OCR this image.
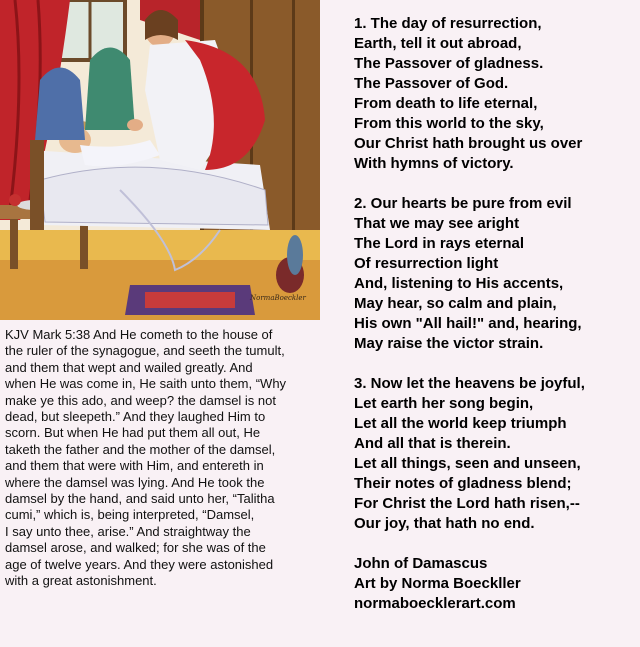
NormaBoeckler
KJV Mark 5:38 And He cometh to the house of
the ruler of the synagogue, and seeth the tumult,
and them that wept and wailed greatly. And
when He was come in, He saith unto them, “Why
make ye this ado, and weep? the damsel is not
dead, but sleepeth.” And they laughed Him to
scorn. But when He had put them all out, He
taketh the father and the mother of the damsel,
and them that were with Him, and entereth in
where the damsel was lying. And He took the
damsel by the hand, and said unto her, “Talitha
cumi,” which is, being interpreted, “Damsel,
I say unto thee, arise.” And straightway the
damsel arose, and walked; for she was of the
age of twelve years. And they were astonished
with a great astonishment.
1. The day of resurrection,
Earth, tell it out abroad,
The Passover of gladness.
The Passover of God.
From death to life eternal,
From this world to the sky,
Our Christ hath brought us over
With hymns of victory.
2. Our hearts be pure from evil
That we may see aright
The Lord in rays eternal
Of resurrection light
And, listening to His accents,
May hear, so calm and plain,
His own "All hail!" and, hearing,
May raise the victor strain.
3. Now let the heavens be joyful,
Let earth her song begin,
Let all the world keep triumph
And all that is therein.
Let all things, seen and unseen,
Their notes of gladness blend;
For Christ the Lord hath risen,--
Our joy, that hath no end.
John of Damascus
Art by Norma Boeckller
normaboecklerart.com
